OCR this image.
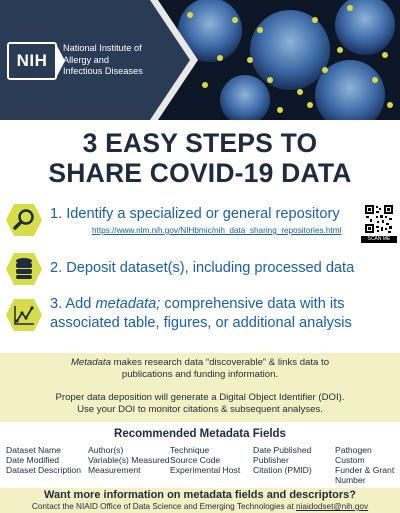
NIH
National Institute of
Allergy and
Infectious Diseases
3 EASY STEPS TO
SHARE COVID-19 DATA
1. Identify a specialized or general repository
https://www.nlm.nih.gov/NIHbmic/nih_data_sharing_repositories.html
SCAN ME
2. Deposit dataset(s), including processed data
3. Add metadata; comprehensive data with its
associated table, figures, or additional analysis
Metadata makes research data “discoverable” & links data to
publications and funding information.
Proper data deposition will generate a Digital Object Identifier (DOI).
Use your DOI to monitor citations & subsequent analyses.
Recommended Metadata Fields
Dataset Name
Date Modified
Dataset Description
Author(s)
Variable(s) Measured
Measurement
Technique
Source Code
Experimental Host
Date Published
Publisher
Citation (PMID)
Pathogen
Custom
Funder & Grant
Number
Want more information on metadata fields and descriptors?
Contact the NIAID Office of Data Science and Emerging Technologies at niaidodset@nih.gov
